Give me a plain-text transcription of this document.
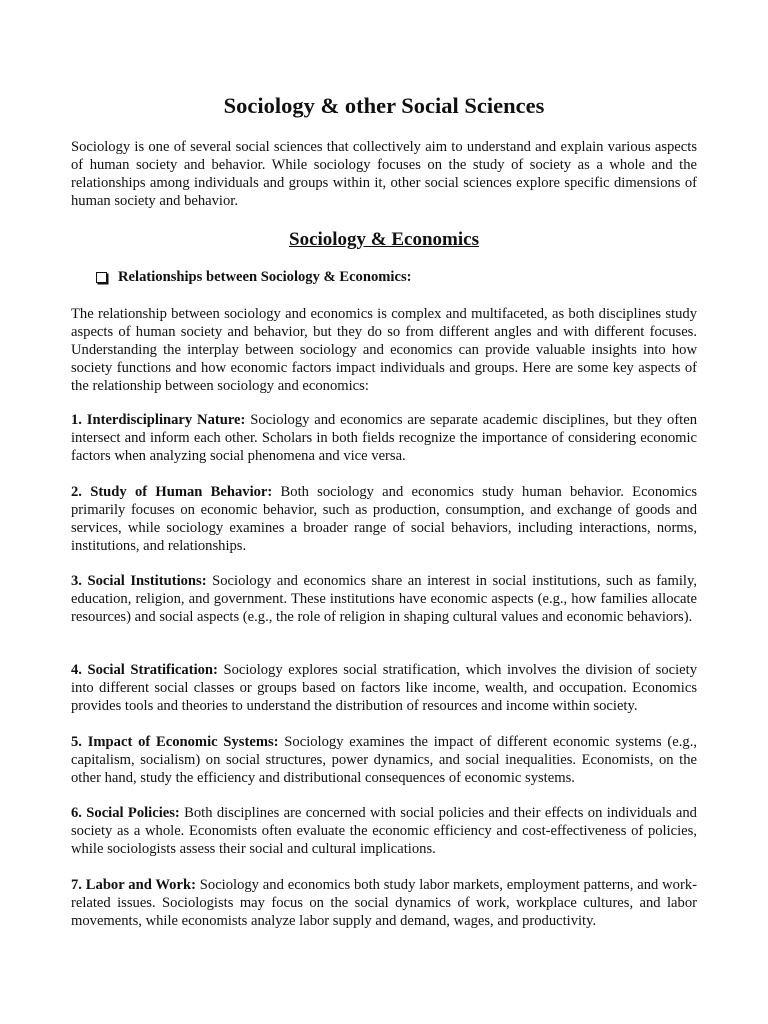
Sociology & other Social Sciences

Sociology is one of several social sciences that collectively aim to understand and explain various aspects of human society and behavior. While sociology focuses on the study of society as a whole and the relationships among individuals and groups within it, other social sciences explore specific dimensions of human society and behavior.

Sociology & Economics
Relationships between Sociology & Economics:

The relationship between sociology and economics is complex and multifaceted, as both disciplines study aspects of human society and behavior, but they do so from different angles and with different focuses. Understanding the interplay between sociology and economics can provide valuable insights into how society functions and how economic factors impact individuals and groups. Here are some key aspects of the relationship between sociology and economics:

1. Interdisciplinary Nature: Sociology and economics are separate academic disciplines, but they often intersect and inform each other. Scholars in both fields recognize the importance of considering economic factors when analyzing social phenomena and vice versa.

2. Study of Human Behavior: Both sociology and economics study human behavior. Economics primarily focuses on economic behavior, such as production, consumption, and exchange of goods and services, while sociology examines a broader range of social behaviors, including interactions, norms, institutions, and relationships.

3. Social Institutions: Sociology and economics share an interest in social institutions, such as family, education, religion, and government. These institutions have economic aspects (e.g., how families allocate resources) and social aspects (e.g., the role of religion in shaping cultural values and economic behaviors).

4. Social Stratification: Sociology explores social stratification, which involves the division of society into different social classes or groups based on factors like income, wealth, and occupation. Economics provides tools and theories to understand the distribution of resources and income within society.

5. Impact of Economic Systems: Sociology examines the impact of different economic systems (e.g., capitalism, socialism) on social structures, power dynamics, and social inequalities. Economists, on the other hand, study the efficiency and distributional consequences of economic systems.

6. Social Policies: Both disciplines are concerned with social policies and their effects on individuals and society as a whole. Economists often evaluate the economic efficiency and cost-effectiveness of policies, while sociologists assess their social and cultural implications.

7. Labor and Work: Sociology and economics both study labor markets, employment patterns, and work-related issues. Sociologists may focus on the social dynamics of work, workplace cultures, and labor movements, while economists analyze labor supply and demand, wages, and productivity.
